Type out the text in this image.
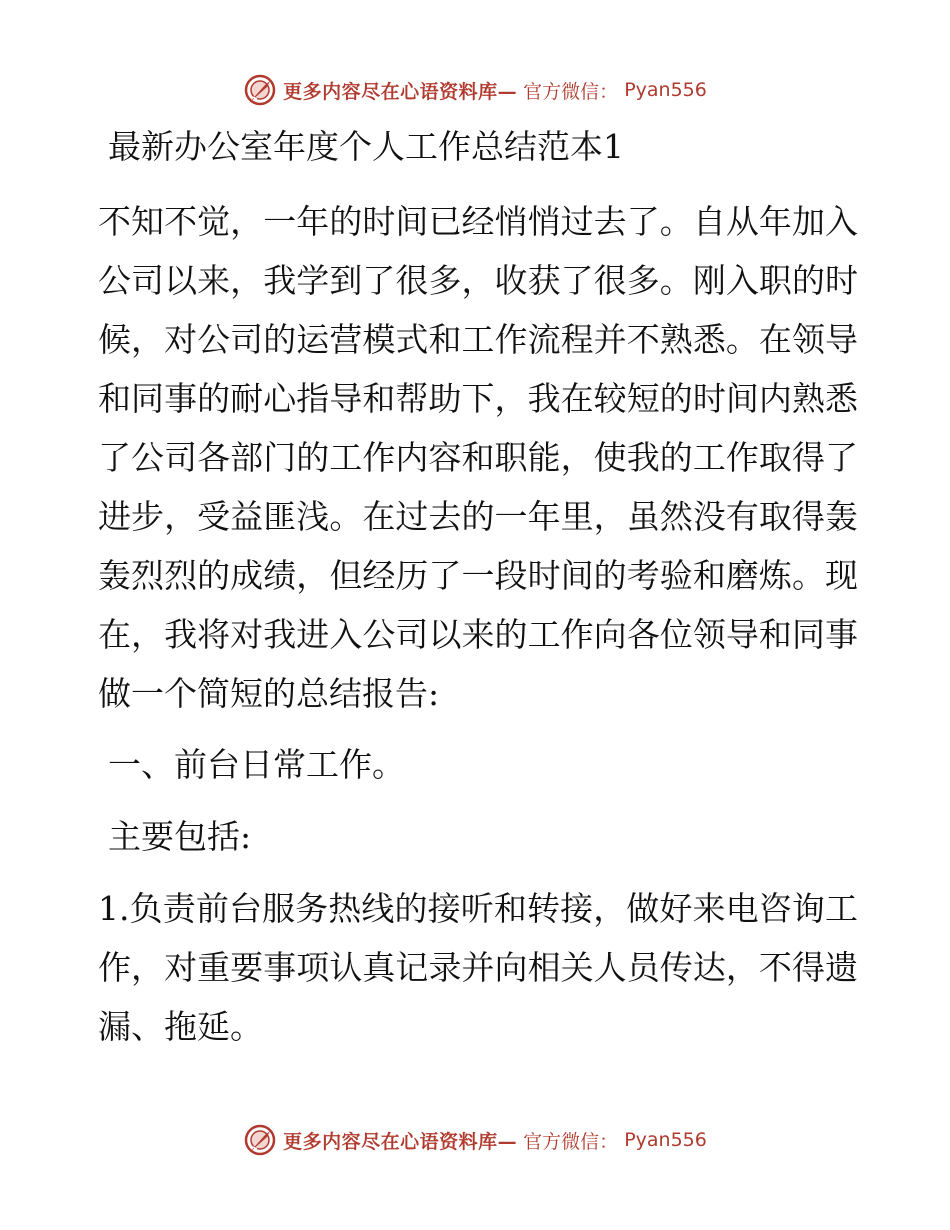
更多内容尽在心语资料库— 官方微信： Pyan556
最新办公室年度个人工作总结范本1

不知不觉，一年的时间已经悄悄过去了。自从年加入公司以来，我学到了很多，收获了很多。刚入职的时候，对公司的运营模式和工作流程并不熟悉。在领导和同事的耐心指导和帮助下，我在较短的时间内熟悉了公司各部门的工作内容和职能，使我的工作取得了进步，受益匪浅。在过去的一年里，虽然没有取得轰轰烈烈的成绩，但经历了一段时间的考验和磨炼。现在，我将对我进入公司以来的工作向各位领导和同事做一个简短的总结报告:

一、前台日常工作。

主要包括:

1.负责前台服务热线的接听和转接，做好来电咨询工作，对重要事项认真记录并向相关人员传达，不得遗漏、拖延。

更多内容尽在心语资料库— 官方微信： Pyan556
